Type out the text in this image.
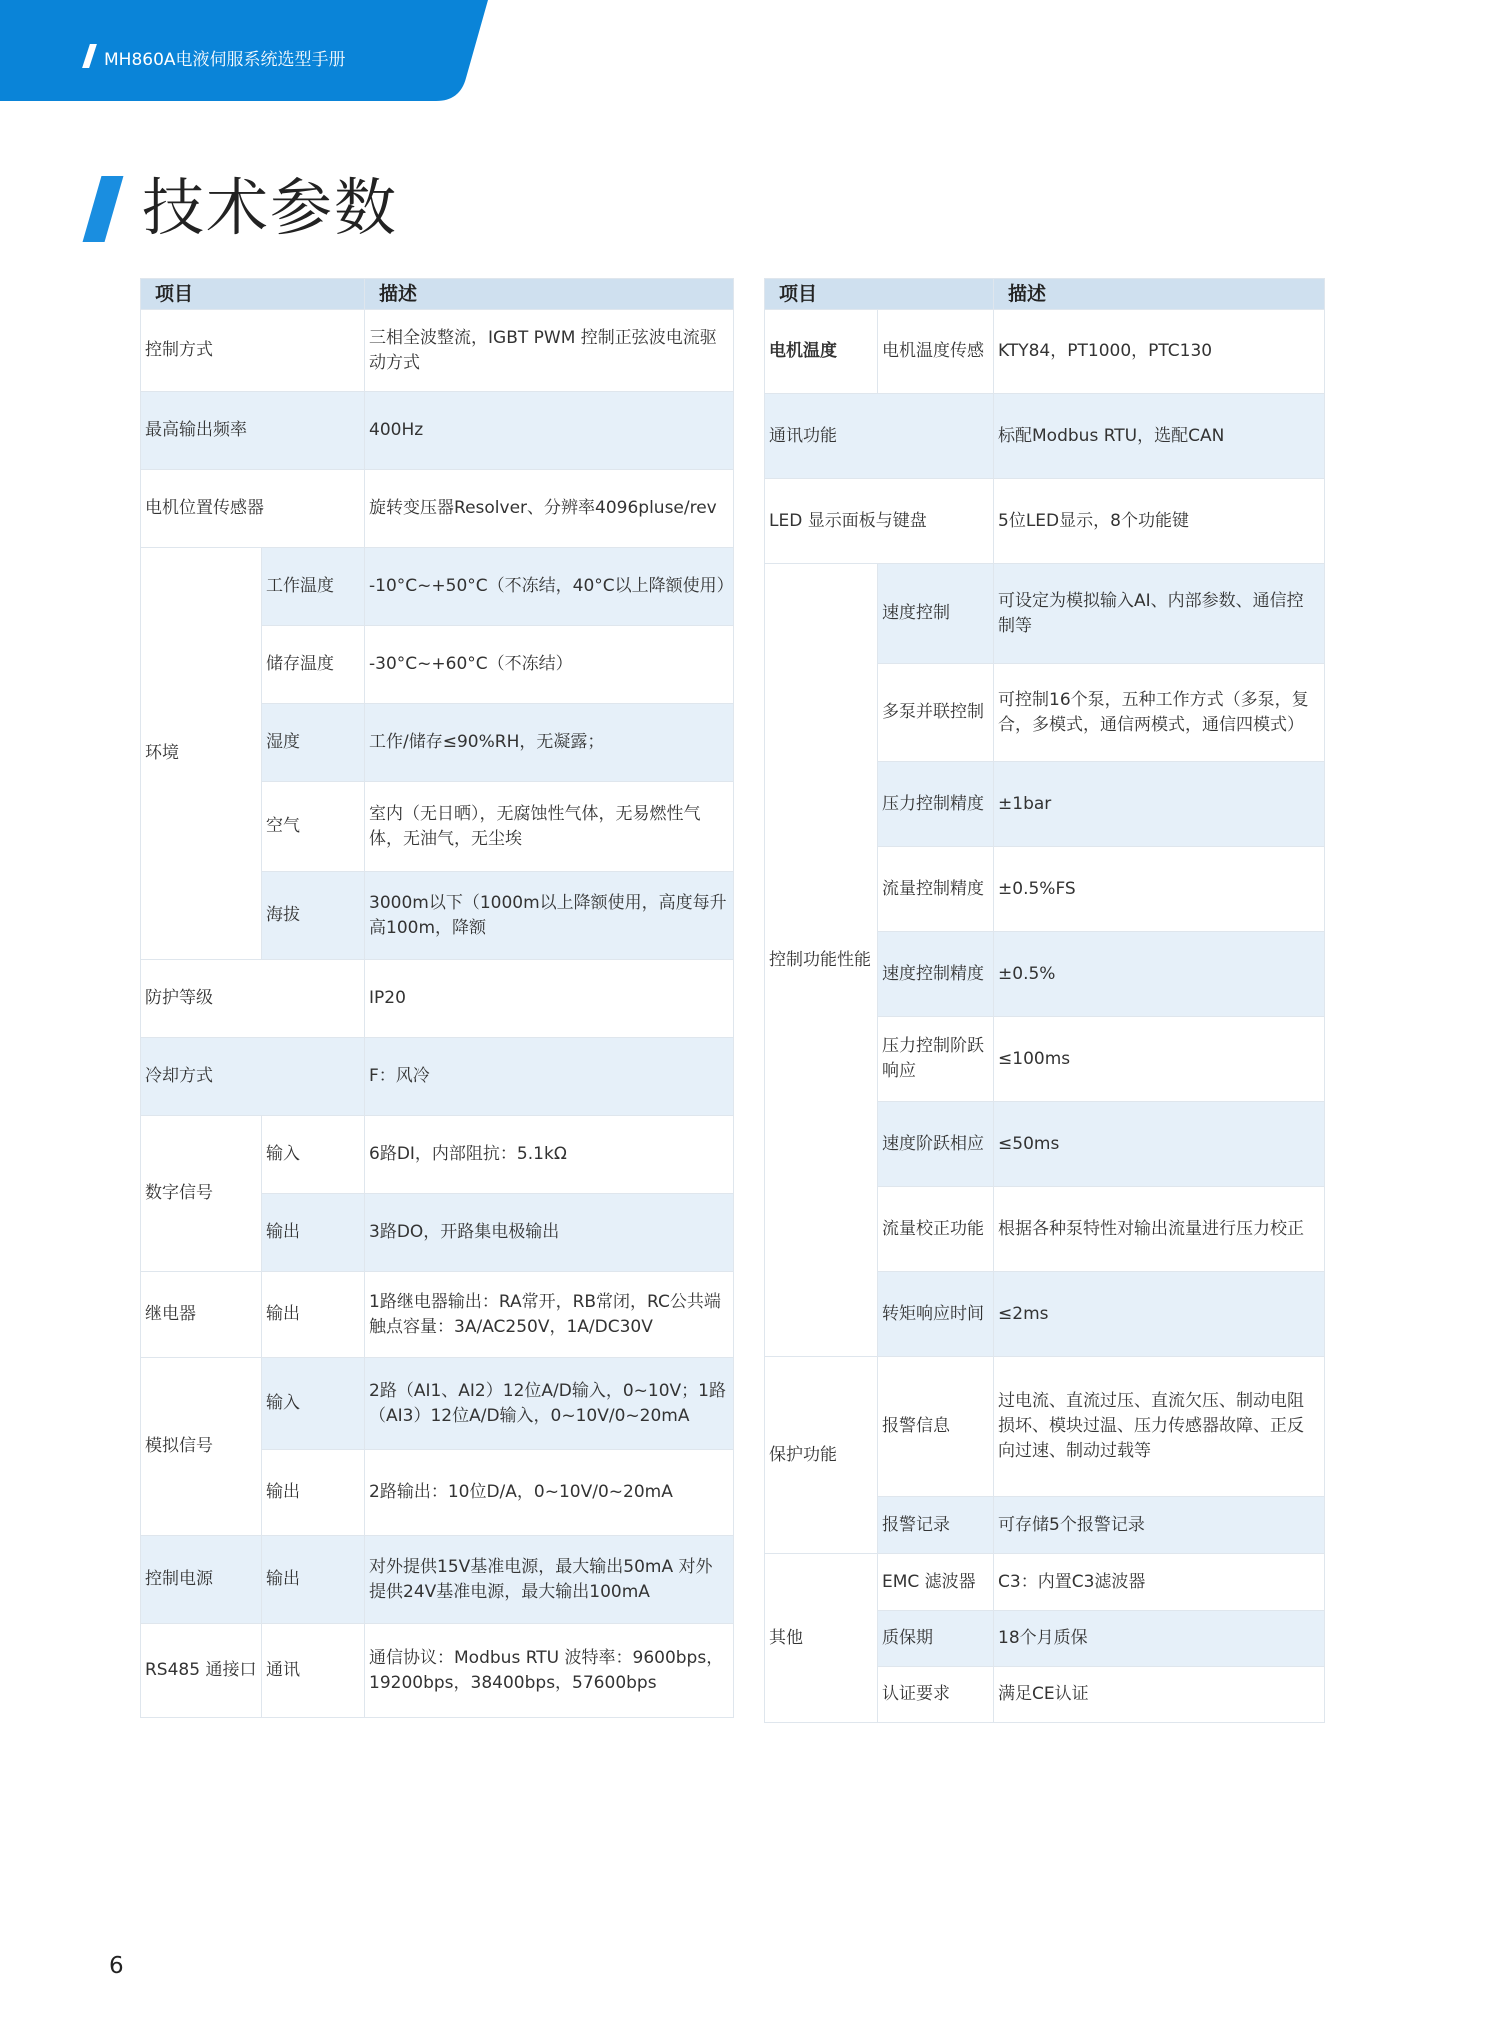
MH860A电液伺服系统选型手册
技术参数
项目		描述
控制方式		三相全波整流，IGBT PWM 控制正弦波电流驱动方式
最高输出频率		400Hz
电机位置传感器		旋转变压器Resolver、分辨率4096pluse/rev
环境	工作温度	-10°C~+50°C（不冻结，40°C以上降额使用）
	储存温度	-30°C~+60°C（不冻结）
	湿度	工作/储存≤90%RH，无凝露；
	空气	室内（无日晒），无腐蚀性气体，无易燃性气体，无油气，无尘埃
	海拔	3000m以下（1000m以上降额使用，高度每升高100m，降额
防护等级		IP20
冷却方式		F：风冷
数字信号	输入	6路DI，内部阻抗：5.1kΩ
	输出	3路DO，开路集电极输出
继电器	输出	1路继电器输出：RA常开，RB常闭，RC公共端 触点容量：3A/AC250V，1A/DC30V
模拟信号	输入	2路（AI1、AI2）12位A/D输入，0~10V；1路（AI3）12位A/D输入，0~10V/0~20mA
	输出	2路输出：10位D/A，0~10V/0~20mA
控制电源	输出	对外提供15V基准电源，最大输出50mA 对外提供24V基准电源，最大输出100mA
RS485 通接口	通讯	通信协议：Modbus RTU 波特率：9600bps，19200bps，38400bps，57600bps
项目		描述
电机温度	电机温度传感	KTY84，PT1000，PTC130
通讯功能		标配Modbus RTU，选配CAN
LED 显示面板与键盘		5位LED显示，8个功能键
控制功能性能	速度控制	可设定为模拟输入AI、内部参数、通信控制等
	多泵并联控制	可控制16个泵，五种工作方式（多泵，复合，多模式，通信两模式，通信四模式）
	压力控制精度	±1bar
	流量控制精度	±0.5%FS
	速度控制精度	±0.5%
	压力控制阶跃响应	≤100ms
	速度阶跃相应	≤50ms
	流量校正功能	根据各种泵特性对输出流量进行压力校正
	转矩响应时间	≤2ms
保护功能	报警信息	过电流、直流过压、直流欠压、制动电阻损坏、模块过温、压力传感器故障、正反向过速、制动过载等
	报警记录	可存储5个报警记录
其他	EMC 滤波器	C3：内置C3滤波器
	质保期	18个月质保
	认证要求	满足CE认证
6
